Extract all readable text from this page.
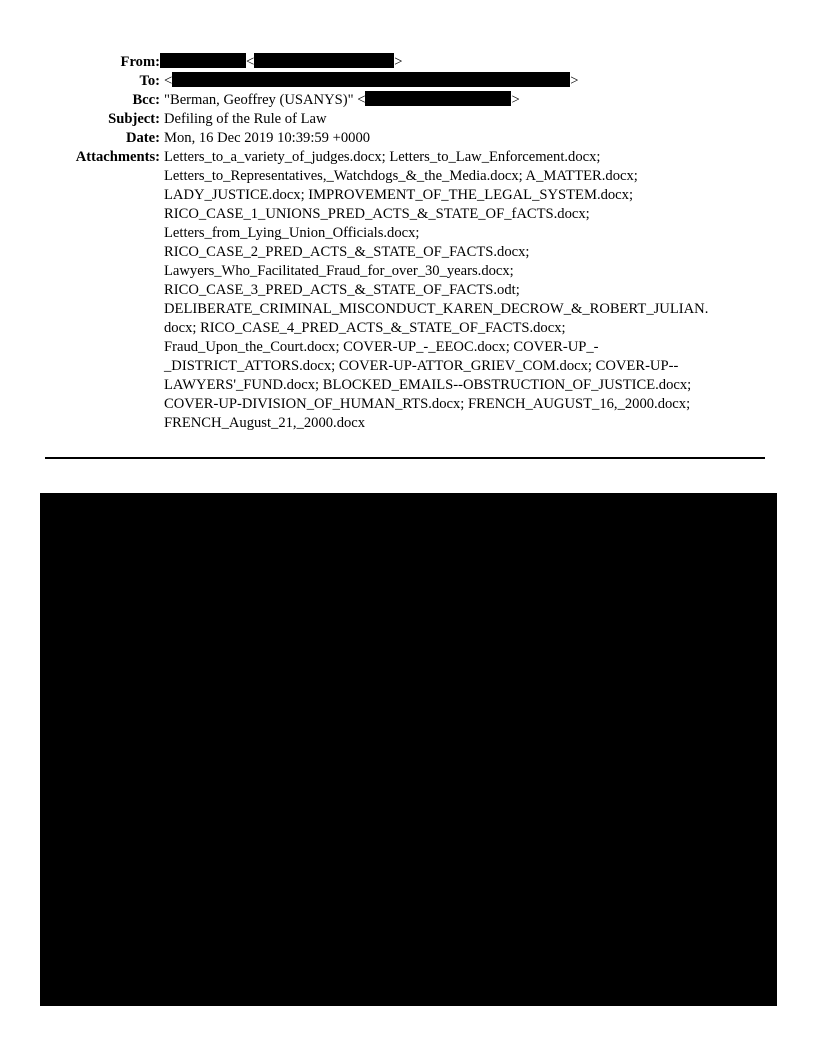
From:	<	>
To: <	>
Bcc: "Berman, Geoffrey (USANYS)" <	>
Subject: Defiling of the Rule of Law
Date: Mon, 16 Dec 2019 10:39:59 +0000
Attachments: Letters_to_a_variety_of_judges.docx; Letters_to_Law_Enforcement.docx;
Letters_to_Representatives,_Watchdogs_&_the_Media.docx; A_MATTER.docx;
LADY_JUSTICE.docx; IMPROVEMENT_OF_THE_LEGAL_SYSTEM.docx;
RICO_CASE_1_UNIONS_PRED_ACTS_&_STATE_OF_fACTS.docx;
Letters_from_Lying_Union_Officials.docx;
RICO_CASE_2_PRED_ACTS_&_STATE_OF_FACTS.docx;
Lawyers_Who_Facilitated_Fraud_for_over_30_years.docx;
RICO_CASE_3_PRED_ACTS_&_STATE_OF_FACTS.odt;
DELIBERATE_CRIMINAL_MISCONDUCT_KAREN_DECROW_&_ROBERT_JULIAN.
docx; RICO_CASE_4_PRED_ACTS_&_STATE_OF_FACTS.docx;
Fraud_Upon_the_Court.docx; COVER-UP_-_EEOC.docx; COVER-UP_-
_DISTRICT_ATTORS.docx; COVER-UP-ATTOR_GRIEV_COM.docx; COVER-UP--
LAWYERS'_FUND.docx; BLOCKED_EMAILS--OBSTRUCTION_OF_JUSTICE.docx;
COVER-UP-DIVISION_OF_HUMAN_RTS.docx; FRENCH_AUGUST_16,_2000.docx;
FRENCH_August_21,_2000.docx
